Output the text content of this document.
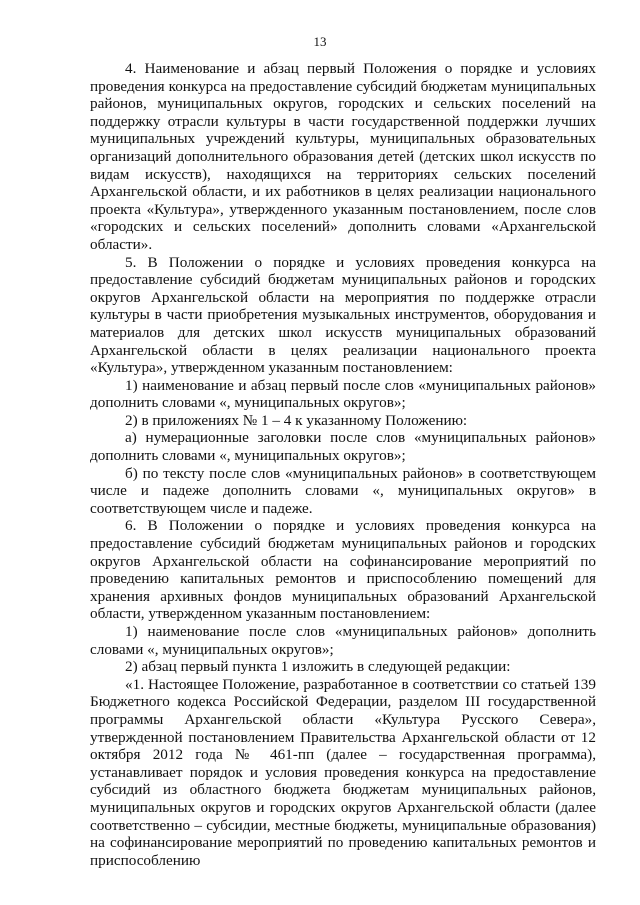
13

4. Наименование и абзац первый Положения о порядке и условиях проведения конкурса на предоставление субсидий бюджетам муниципальных районов, муниципальных округов, городских и сельских поселений на поддержку отрасли культуры в части государственной поддержки лучших муниципальных учреждений культуры, муниципальных образовательных организаций дополнительного образования детей (детских школ искусств по видам искусств), находящихся на территориях сельских поселений Архангельской области, и их работников в целях реализации национального проекта «Культура», утвержденного указанным постановлением, после слов «городских и сельских поселений» дополнить словами «Архангельской области».

5. В Положении о порядке и условиях проведения конкурса на предоставление субсидий бюджетам муниципальных районов и городских округов Архангельской области на мероприятия по поддержке отрасли культуры в части приобретения музыкальных инструментов, оборудования и материалов для детских школ искусств муниципальных образований Архангельской области в целях реализации национального проекта «Культура», утвержденном указанным постановлением:

1) наименование и абзац первый после слов «муниципальных районов» дополнить словами «, муниципальных округов»;

2) в приложениях № 1 – 4 к указанному Положению:

а) нумерационные заголовки после слов «муниципальных районов» дополнить словами «, муниципальных округов»;

б) по тексту после слов «муниципальных районов» в соответствующем числе и падеже дополнить словами «, муниципальных округов» в соответствующем числе и падеже.

6. В Положении о порядке и условиях проведения конкурса на предоставление субсидий бюджетам муниципальных районов и городских округов Архангельской области на софинансирование мероприятий по проведению капитальных ремонтов и приспособлению помещений для хранения архивных фондов муниципальных образований Архангельской области, утвержденном указанным постановлением:

1) наименование после слов «муниципальных районов» дополнить словами «, муниципальных округов»;

2) абзац первый пункта 1 изложить в следующей редакции:

«1. Настоящее Положение, разработанное в соответствии со статьей 139 Бюджетного кодекса Российской Федерации, разделом III государственной программы Архангельской области «Культура Русского Севера», утвержденной постановлением Правительства Архангельской области от 12 октября 2012 года № 461-пп (далее – государственная программа), устанавливает порядок и условия проведения конкурса на предоставление субсидий из областного бюджета бюджетам муниципальных районов, муниципальных округов и городских округов Архангельской области (далее соответственно – субсидии, местные бюджеты, муниципальные образования) на софинансирование мероприятий по проведению капитальных ремонтов и приспособлению
